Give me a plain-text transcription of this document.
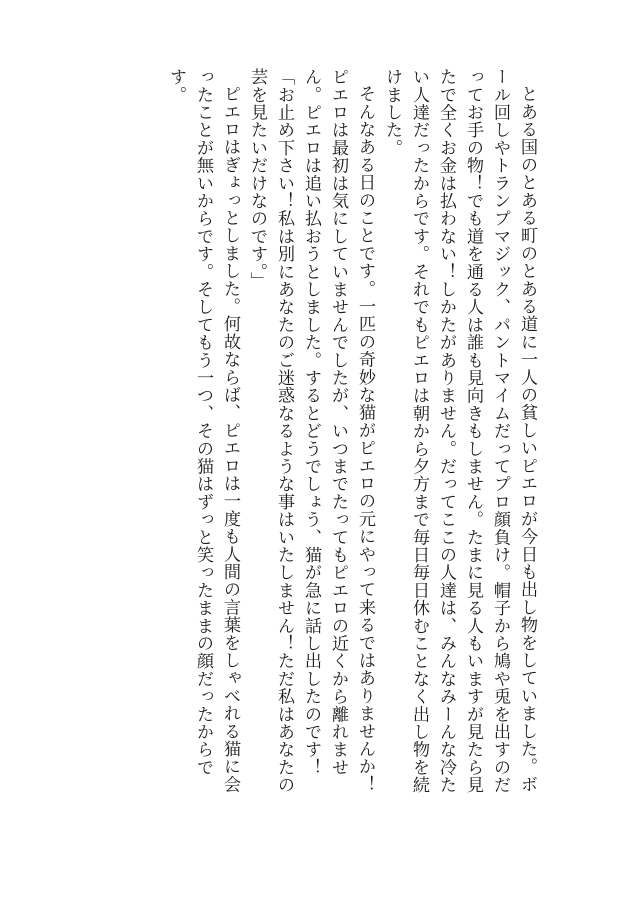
とある国のとある町のとある道に一人の貧しいピエロが今日も出し物をしていました。ボール回しやトランプマジック、パントマイムだってプロ顔負け。帽子から鳩や兎を出すのだってお手の物！でも道を通る人は誰も見向きもしません。たまに見る人もいますが見たら見たで全くお金は払わない！しかたがありません。だってここの人達は、みんなみーんな冷たい人達だったからです。それでもピエロは朝から夕方まで毎日毎日休むことなく出し物を続けました。

そんなある日のことです。一匹の奇妙な猫がピエロの元にやって来るではありませんか！ピエロは最初は気にしていませんでしたが、いつまでたってもピエロの近くから離れません。ピエロは追い払おうとしました。するとどうでしょう、猫が急に話し出したのです！

「お止め下さい！私は別にあなたのご迷惑なるような事はいたしません！ただ私はあなたの芸を見たいだけなのです。」

ピエロはぎょっとしました。何故ならば、ピエロは一度も人間の言葉をしゃべれる猫に会ったことが無いからです。そしてもう一つ、その猫はずっと笑ったままの顔だったからです。
